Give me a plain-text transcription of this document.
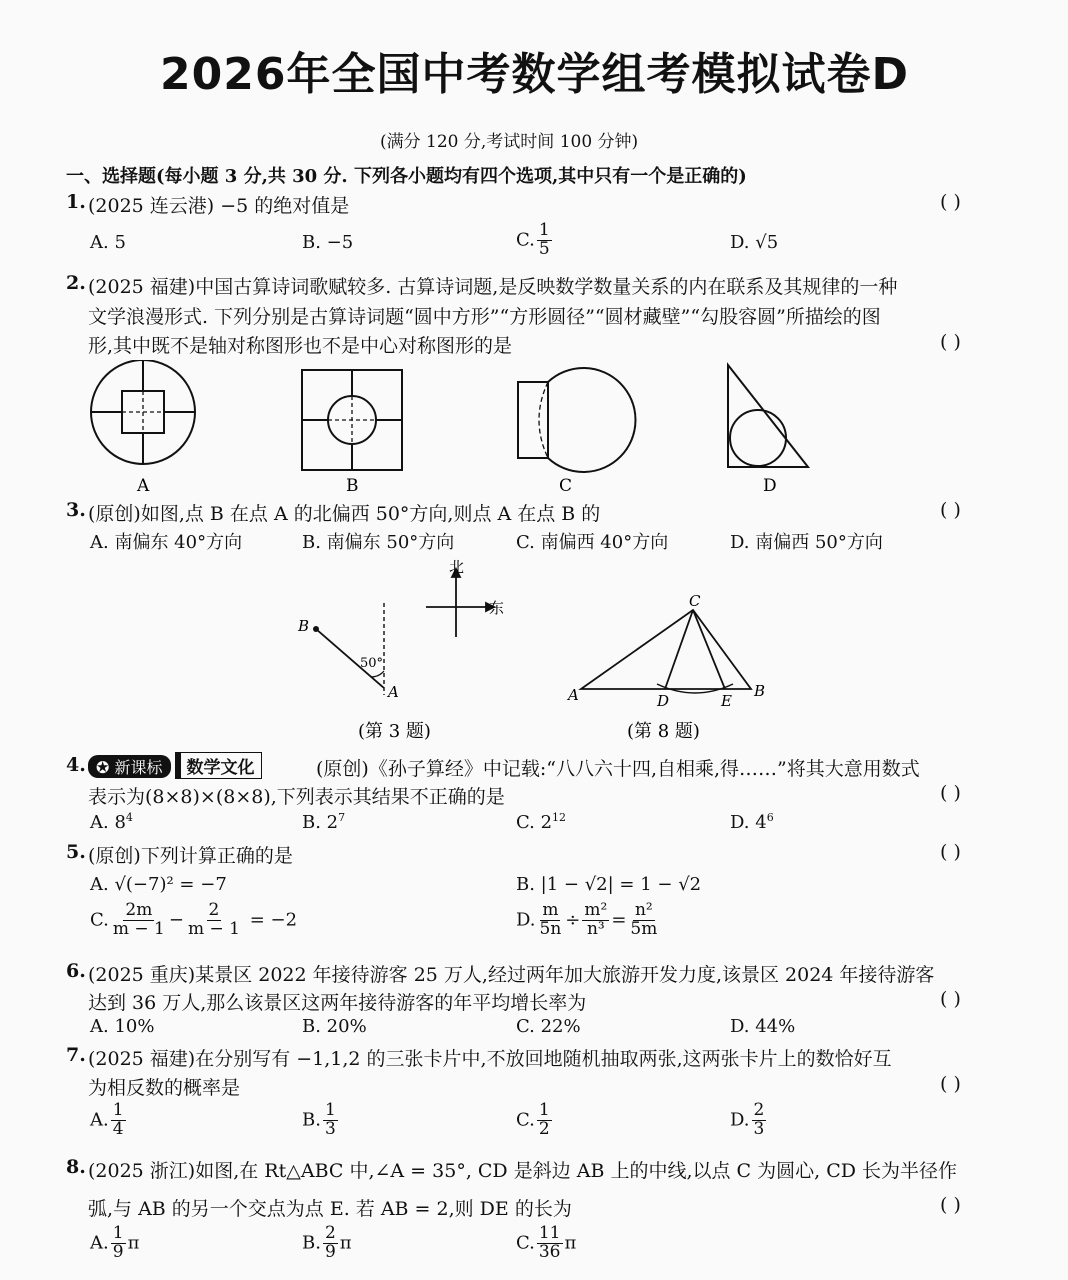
2026年全国中考数学组考模拟试卷D
(满分 120 分,考试时间 100 分钟)
一、选择题(每小题 3 分,共 30 分. 下列各小题均有四个选项,其中只有一个是正确的)
1. (2025 连云港) −5 的绝对值是	( )
A. 5	B. −5	C. $\frac{1}{5}$	D. √5
2. (2025 福建)中国古算诗词歌赋较多. 古算诗词题,是反映数学数量关系的内在联系及其规律的一种
文学浪漫形式. 下列分别是古算诗词题“圆中方形”“方形圆径”“圆材藏壁”“勾股容圆”所描绘的图
形,其中既不是轴对称图形也不是中心对称图形的是	( )
A	B	C	D
3. (原创)如图,点 B 在点 A 的北偏西 50°方向,则点 A 在点 B 的	( )
A. 南偏东 40°方向	B. 南偏东 50°方向	C. 南偏西 40°方向	D. 南偏西 50°方向
北
东
B
A
50°
(第 3 题)
C
A	D	E
B
(第 8 题)
4. ✪ 新课标 数学文化	(原创)《孙子算经》中记载:“八八六十四,自相乘,得……”将其大意用数式
表示为(8×8)×(8×8),下列表示其结果不正确的是	( )
A. $8^4$	B. $2^7$	C. $2^{12}$	D. $4^6$
5. (原创)下列计算正确的是	( )
A. √(−7)² = −7	B. |1 − √2| = 1 − √2
C. $\frac{2m}{m - 1} - \frac{2}{m - 1} = -2$	D. $\frac{m}{5n} \div \frac{\text{m²}}{\text{n³}} = \frac{\text{n²}}{5m}$
6. (2025 重庆)某景区 2022 年接待游客 25 万人,经过两年加大旅游开发力度,该景区 2024 年接待游客
达到 36 万人,那么该景区这两年接待游客的年平均增长率为	( )
A. 10%	B. 20%	C. 22%	D. 44%
7. (2025 福建)在分别写有 −1,1,2 的三张卡片中,不放回地随机抽取两张,这两张卡片上的数恰好互
为相反数的概率是	( )
A. $\frac{1}{4}$	B. $\frac{1}{3}$	C. $\frac{1}{2}$	D. $\frac{2}{3}$
8. (2025 浙江)如图,在 Rt△ABC 中,∠A = 35°, CD 是斜边 AB 上的中线,以点 C 为圆心, CD 长为半径作
弧,与 AB 的另一个交点为点 E. 若 AB = 2,则 DE 的长为	( )
A. $\frac{1}{9}$ π	B. $\frac{2}{9}$ π	C. $\frac{11}{36}$ π
